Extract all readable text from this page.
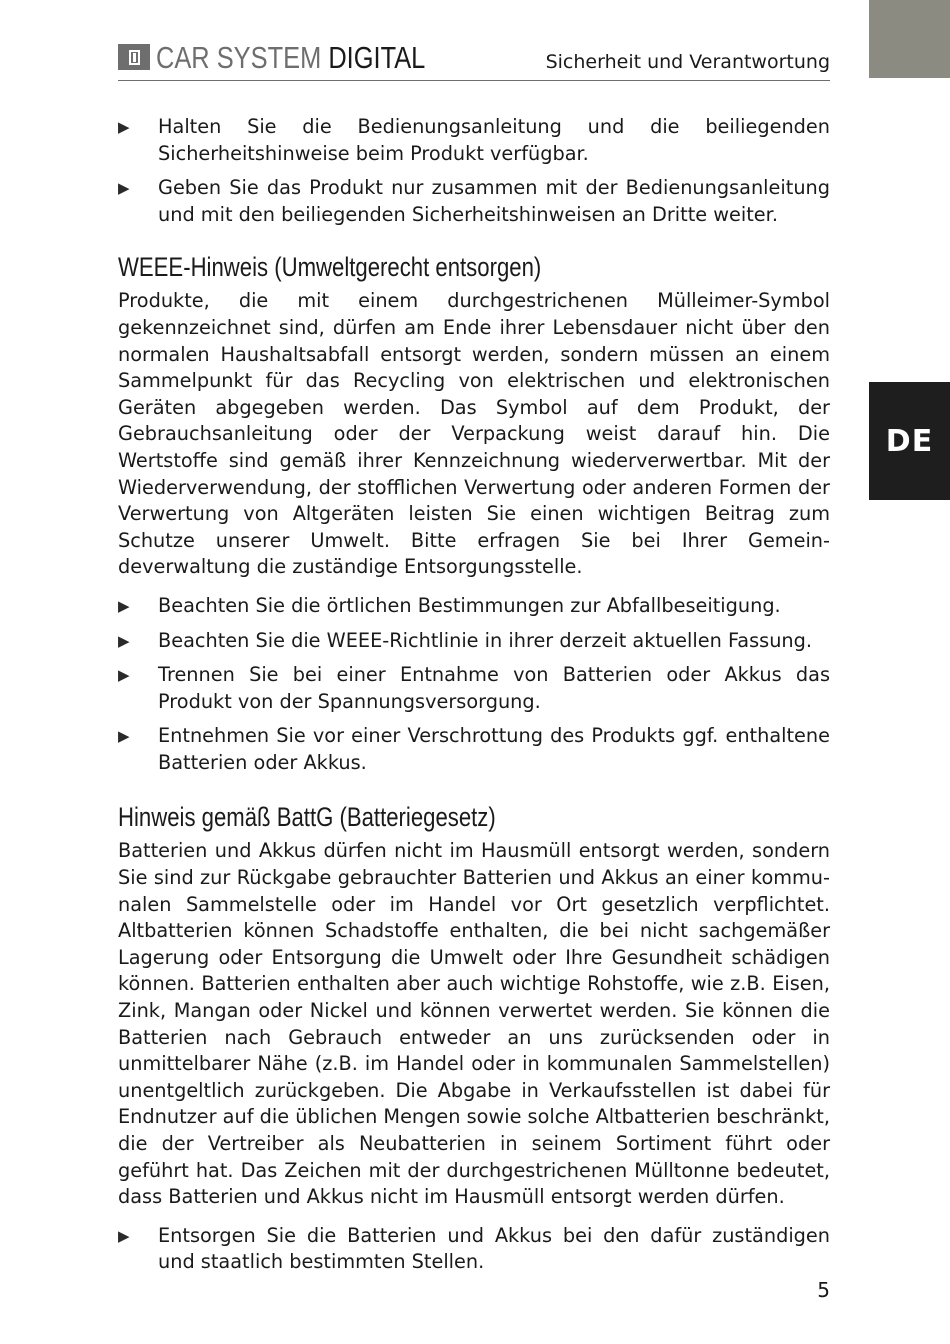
DE
CAR SYSTEM DIGITAL	Sicherheit und Verantwortung
▶ Halten Sie die Bedienungsanleitung und die beiliegenden Sicherheitshinweise beim Produkt verfügbar.
▶ Geben Sie das Produkt nur zusammen mit der Bedienungsanleitung und mit den beiliegenden Sicherheitshinweisen an Dritte weiter.
WEEE-Hinweis (Umweltgerecht entsorgen)

Produkte, die mit einem durchgestrichenen Mülleimer-Symbol gekennzeichnet sind, dürfen am Ende ihrer Lebensdauer nicht über den normalen Haushaltsabfall entsorgt werden, sondern müssen an einem Sammelpunkt für das Recycling von elektrischen und elektronischen Geräten abgegeben werden. Das Symbol auf dem Produkt, der Gebrauchsanleitung oder der Verpackung weist darauf hin. Die Wertstoffe sind gemäß ihrer Kennzeichnung wiederverwertbar. Mit der Wiederverwendung, der stofflichen Verwertung oder anderen Formen der Verwertung von Altgeräten leisten Sie einen wichtigen Beitrag zum Schutze unserer Umwelt. Bitte erfragen Sie bei Ihrer Gemeindeverwaltung die zuständige Entsorgungsstelle.

▶ Beachten Sie die örtlichen Bestimmungen zur Abfallbeseitigung.
▶ Beachten Sie die WEEE-Richtlinie in ihrer derzeit aktuellen Fassung.
▶ Trennen Sie bei einer Entnahme von Batterien oder Akkus das Produkt von der Spannungsversorgung.
▶ Entnehmen Sie vor einer Verschrottung des Produkts ggf. enthaltene Batterien oder Akkus.
Hinweis gemäß BattG (Batteriegesetz)

Batterien und Akkus dürfen nicht im Hausmüll entsorgt werden, sondern Sie sind zur Rückgabe gebrauchter Batterien und Akkus an einer kommunalen Sammelstelle oder im Handel vor Ort gesetzlich verpflichtet. Altbatterien können Schadstoffe enthalten, die bei nicht sachgemäßer Lagerung oder Entsorgung die Umwelt oder Ihre Gesundheit schädigen können. Batterien enthalten aber auch wichtige Rohstoffe, wie z.B. Eisen, Zink, Mangan oder Nickel und können verwertet werden. Sie können die Batterien nach Gebrauch entweder an uns zurücksenden oder in unmittelbarer Nähe (z.B. im Handel oder in kommunalen Sammelstellen) unentgeltlich zurückgeben. Die Abgabe in Verkaufsstellen ist dabei für Endnutzer auf die üblichen Mengen sowie solche Altbatterien beschränkt, die der Vertreiber als Neubatterien in seinem Sortiment führt oder geführt hat. Das Zeichen mit der durchgestrichenen Mülltonne bedeutet, dass Batterien und Akkus nicht im Hausmüll entsorgt werden dürfen.

▶ Entsorgen Sie die Batterien und Akkus bei den dafür zuständigen und staatlich bestimmten Stellen.
5
